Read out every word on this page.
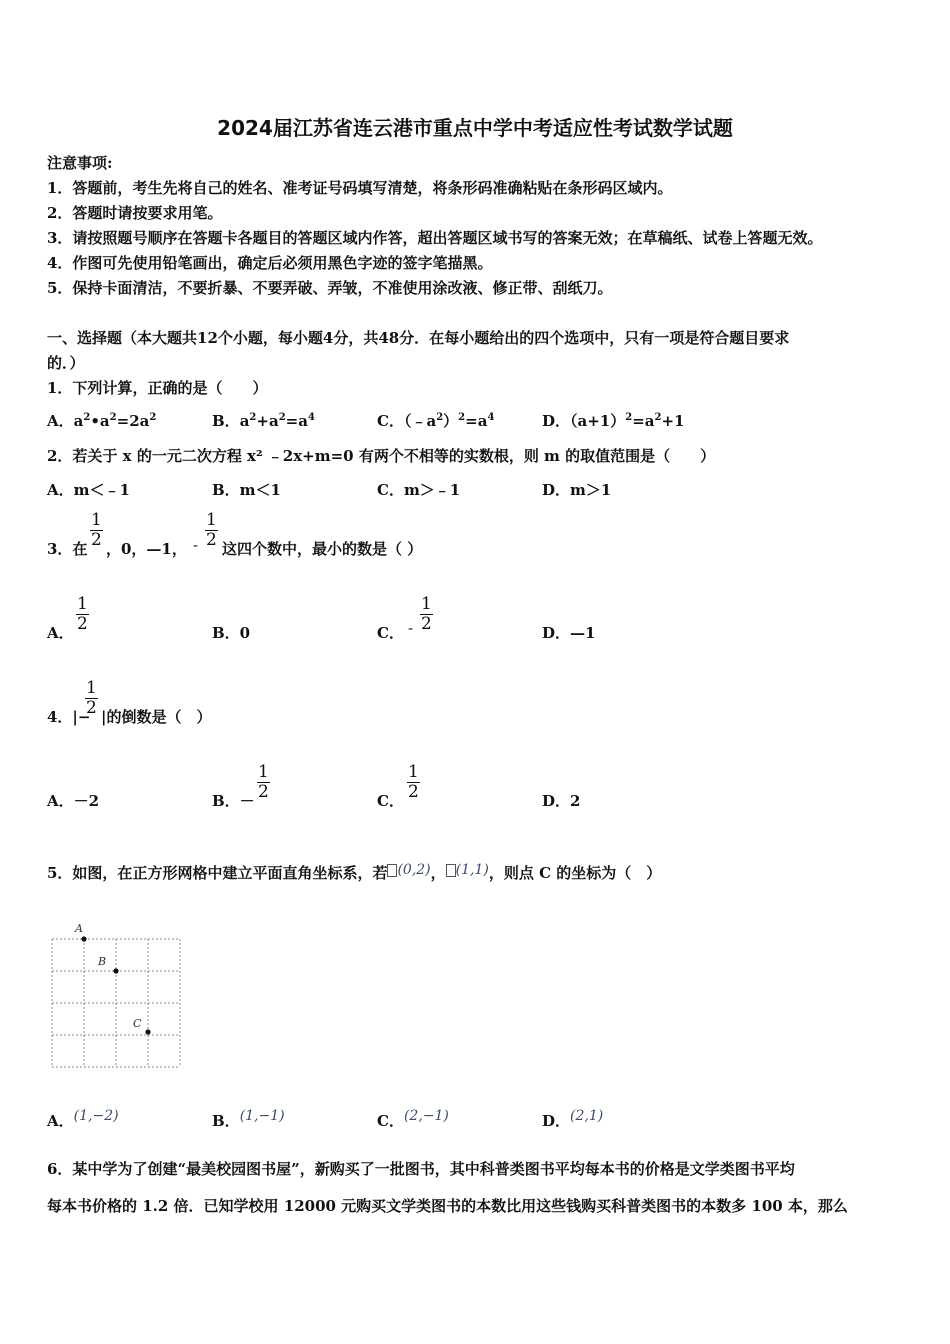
2024届江苏省连云港市重点中学中考适应性考试数学试题
注意事项:
1．答题前，考生先将自己的姓名、准考证号码填写清楚，将条形码准确粘贴在条形码区域内。
2．答题时请按要求用笔。
3．请按照题号顺序在答题卡各题目的答题区域内作答，超出答题区域书写的答案无效；在草稿纸、试卷上答题无效。
4．作图可先使用铅笔画出，确定后必须用黑色字迹的签字笔描黑。
5．保持卡面清洁，不要折暴、不要弄破、弄皱，不准使用涂改液、修正带、刮纸刀。
一、选择题（本大题共12个小题，每小题4分，共48分．在每小题给出的四个选项中，只有一项是符合题目要求
的．）
1．下列计算，正确的是（　　）
A．$a^2•a^2=2a^2$	B．$a^2+a^2=a^4$	C．$(﹣a^2)^2=a^4$	D．$(a+1)^2=a^2+1$
2．若关于 x 的一元二次方程 x² ﹣2x+m=0 有两个不相等的实数根，则 m 的取值范围是（　　）
A．m＜﹣1	B．m＜1	C．m＞﹣1	D．m＞1
3．在 $\frac{1}{2}$ ，0，—1， - $\frac{1}{2}$ 这四个数中，最小的数是（ ）
A． $\frac{1}{2}$	B．0	C． - $\frac{1}{2}$	D．—1
4．|−
$\frac{1}{2}$ |的倒数是（　）
A．－2	B．－ $\frac{1}{2}$	C． $\frac{1}{2}$	D．2
5．如图，在正方形网格中建立平面直角坐标系，若 (0,2)， (1,1)，则点 C 的坐标为（　）
A
B
C
A．(1,−2)	B．(1,−1)	C．(2,−1)	D．(2,1)
6．某中学为了创建“最美校园图书屋”，新购买了一批图书，其中科普类图书平均每本书的价格是文学类图书平均
每本书价格的 1.2 倍．已知学校用 12000 元购买文学类图书的本数比用这些钱购买科普类图书的本数多 100 本，那么
